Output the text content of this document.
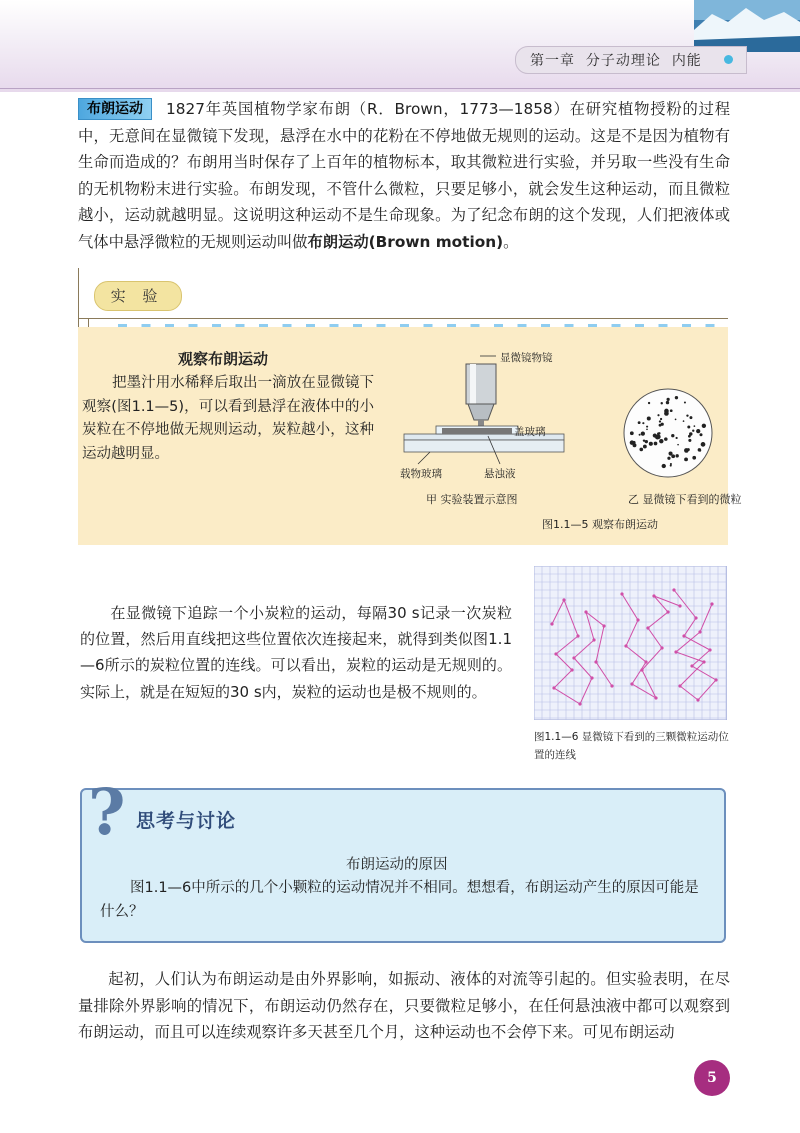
第一章 分子动理论 内能

布朗运动 1827年英国植物学家布朗（R．Brown，1773—1858）在研究植物授粉的过程中，无意间在显微镜下发现，悬浮在水中的花粉在不停地做无规则的运动。这是不是因为植物有生命而造成的？布朗用当时保存了上百年的植物标本，取其微粒进行实验，并另取一些没有生命的无机物粉末进行实验。布朗发现，不管什么微粒，只要足够小，就会发生这种运动，而且微粒越小，运动就越明显。这说明这种运动不是生命现象。为了纪念布朗的这个发现，人们把液体或气体中悬浮微粒的无规则运动叫做布朗运动(Brown motion)。

实 验
观察布朗运动

把墨汁用水稀释后取出一滴放在显微镜下观察(图1.1—5)，可以看到悬浮在液体中的小炭粒在不停地做无规则运动，炭粒越小，这种运动越明显。

显微镜物镜
盖玻璃
载物玻璃	悬浊液
甲 实验装置示意图	乙 显微镜下看到的微粒
图1.1—5 观察布朗运动

在显微镜下追踪一个小炭粒的运动，每隔30 s记录一次炭粒的位置，然后用直线把这些位置依次连接起来，就得到类似图1.1—6所示的炭粒位置的连线。可以看出，炭粒的运动是无规则的。实际上，就是在短短的30 s内，炭粒的运动也是极不规则的。

图1.1—6 显微镜下看到的三颗微粒运动位置的连线

? 思考与讨论
布朗运动的原因

图1.1—6中所示的几个小颗粒的运动情况并不相同。想想看，布朗运动产生的原因可能是什么？

起初，人们认为布朗运动是由外界影响，如振动、液体的对流等引起的。但实验表明，在尽量排除外界影响的情况下，布朗运动仍然存在，只要微粒足够小，在任何悬浊液中都可以观察到布朗运动，而且可以连续观察许多天甚至几个月，这种运动也不会停下来。可见布朗运动

5
